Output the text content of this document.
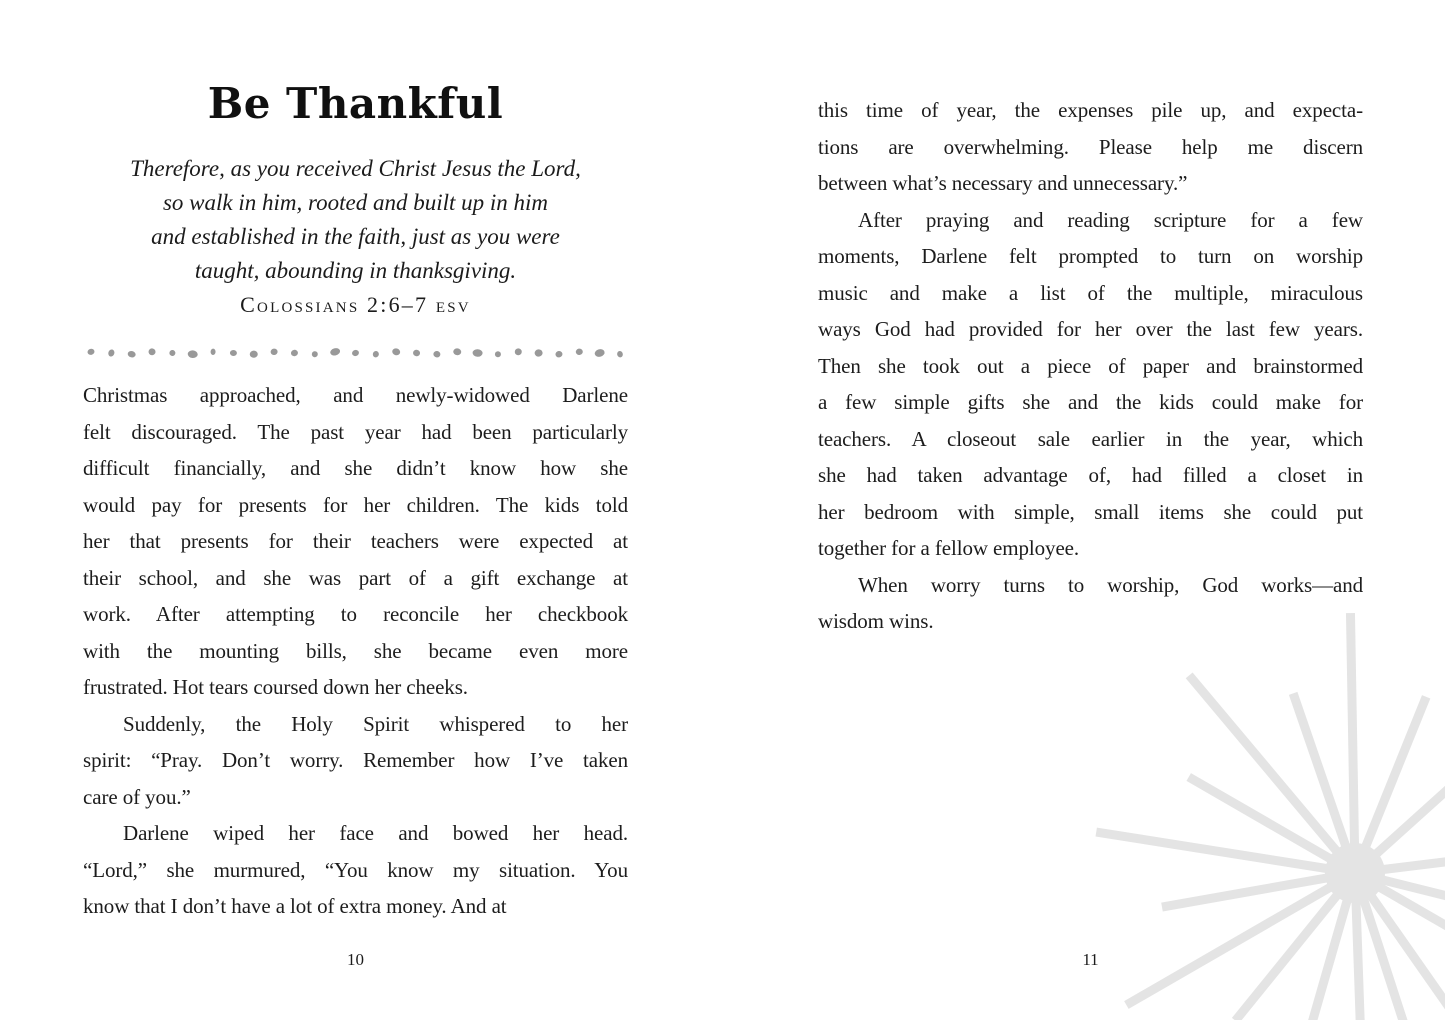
Be Thankful
Therefore, as you received Christ Jesus the Lord,
so walk in him, rooted and built up in him
and established in the faith, just as you were
taught, abounding in thanksgiving.
Colossians 2:6–7 esv
Christmas approached, and newly-widowed Darlene
felt discouraged. The past year had been particularly
difficult financially, and she didn’t know how she
would pay for presents for her children. The kids told
her that presents for their teachers were expected at
their school, and she was part of a gift exchange at
work. After attempting to reconcile her checkbook
with the mounting bills, she became even more
frustrated. Hot tears coursed down her cheeks.
Suddenly, the Holy Spirit whispered to her
spirit: “Pray. Don’t worry. Remember how I’ve taken
care of you.”
Darlene wiped her face and bowed her head.
“Lord,” she murmured, “You know my situation. You
know that I don’t have a lot of extra money. And at
this time of year, the expenses pile up, and expecta-
tions are overwhelming. Please help me discern
between what’s necessary and unnecessary.”
After praying and reading scripture for a few
moments, Darlene felt prompted to turn on worship
music and make a list of the multiple, miraculous
ways God had provided for her over the last few years.
Then she took out a piece of paper and brainstormed
a few simple gifts she and the kids could make for
teachers. A closeout sale earlier in the year, which
she had taken advantage of, had filled a closet in
her bedroom with simple, small items she could put
together for a fellow employee.
When worry turns to worship, God works—and
wisdom wins.
10	11
